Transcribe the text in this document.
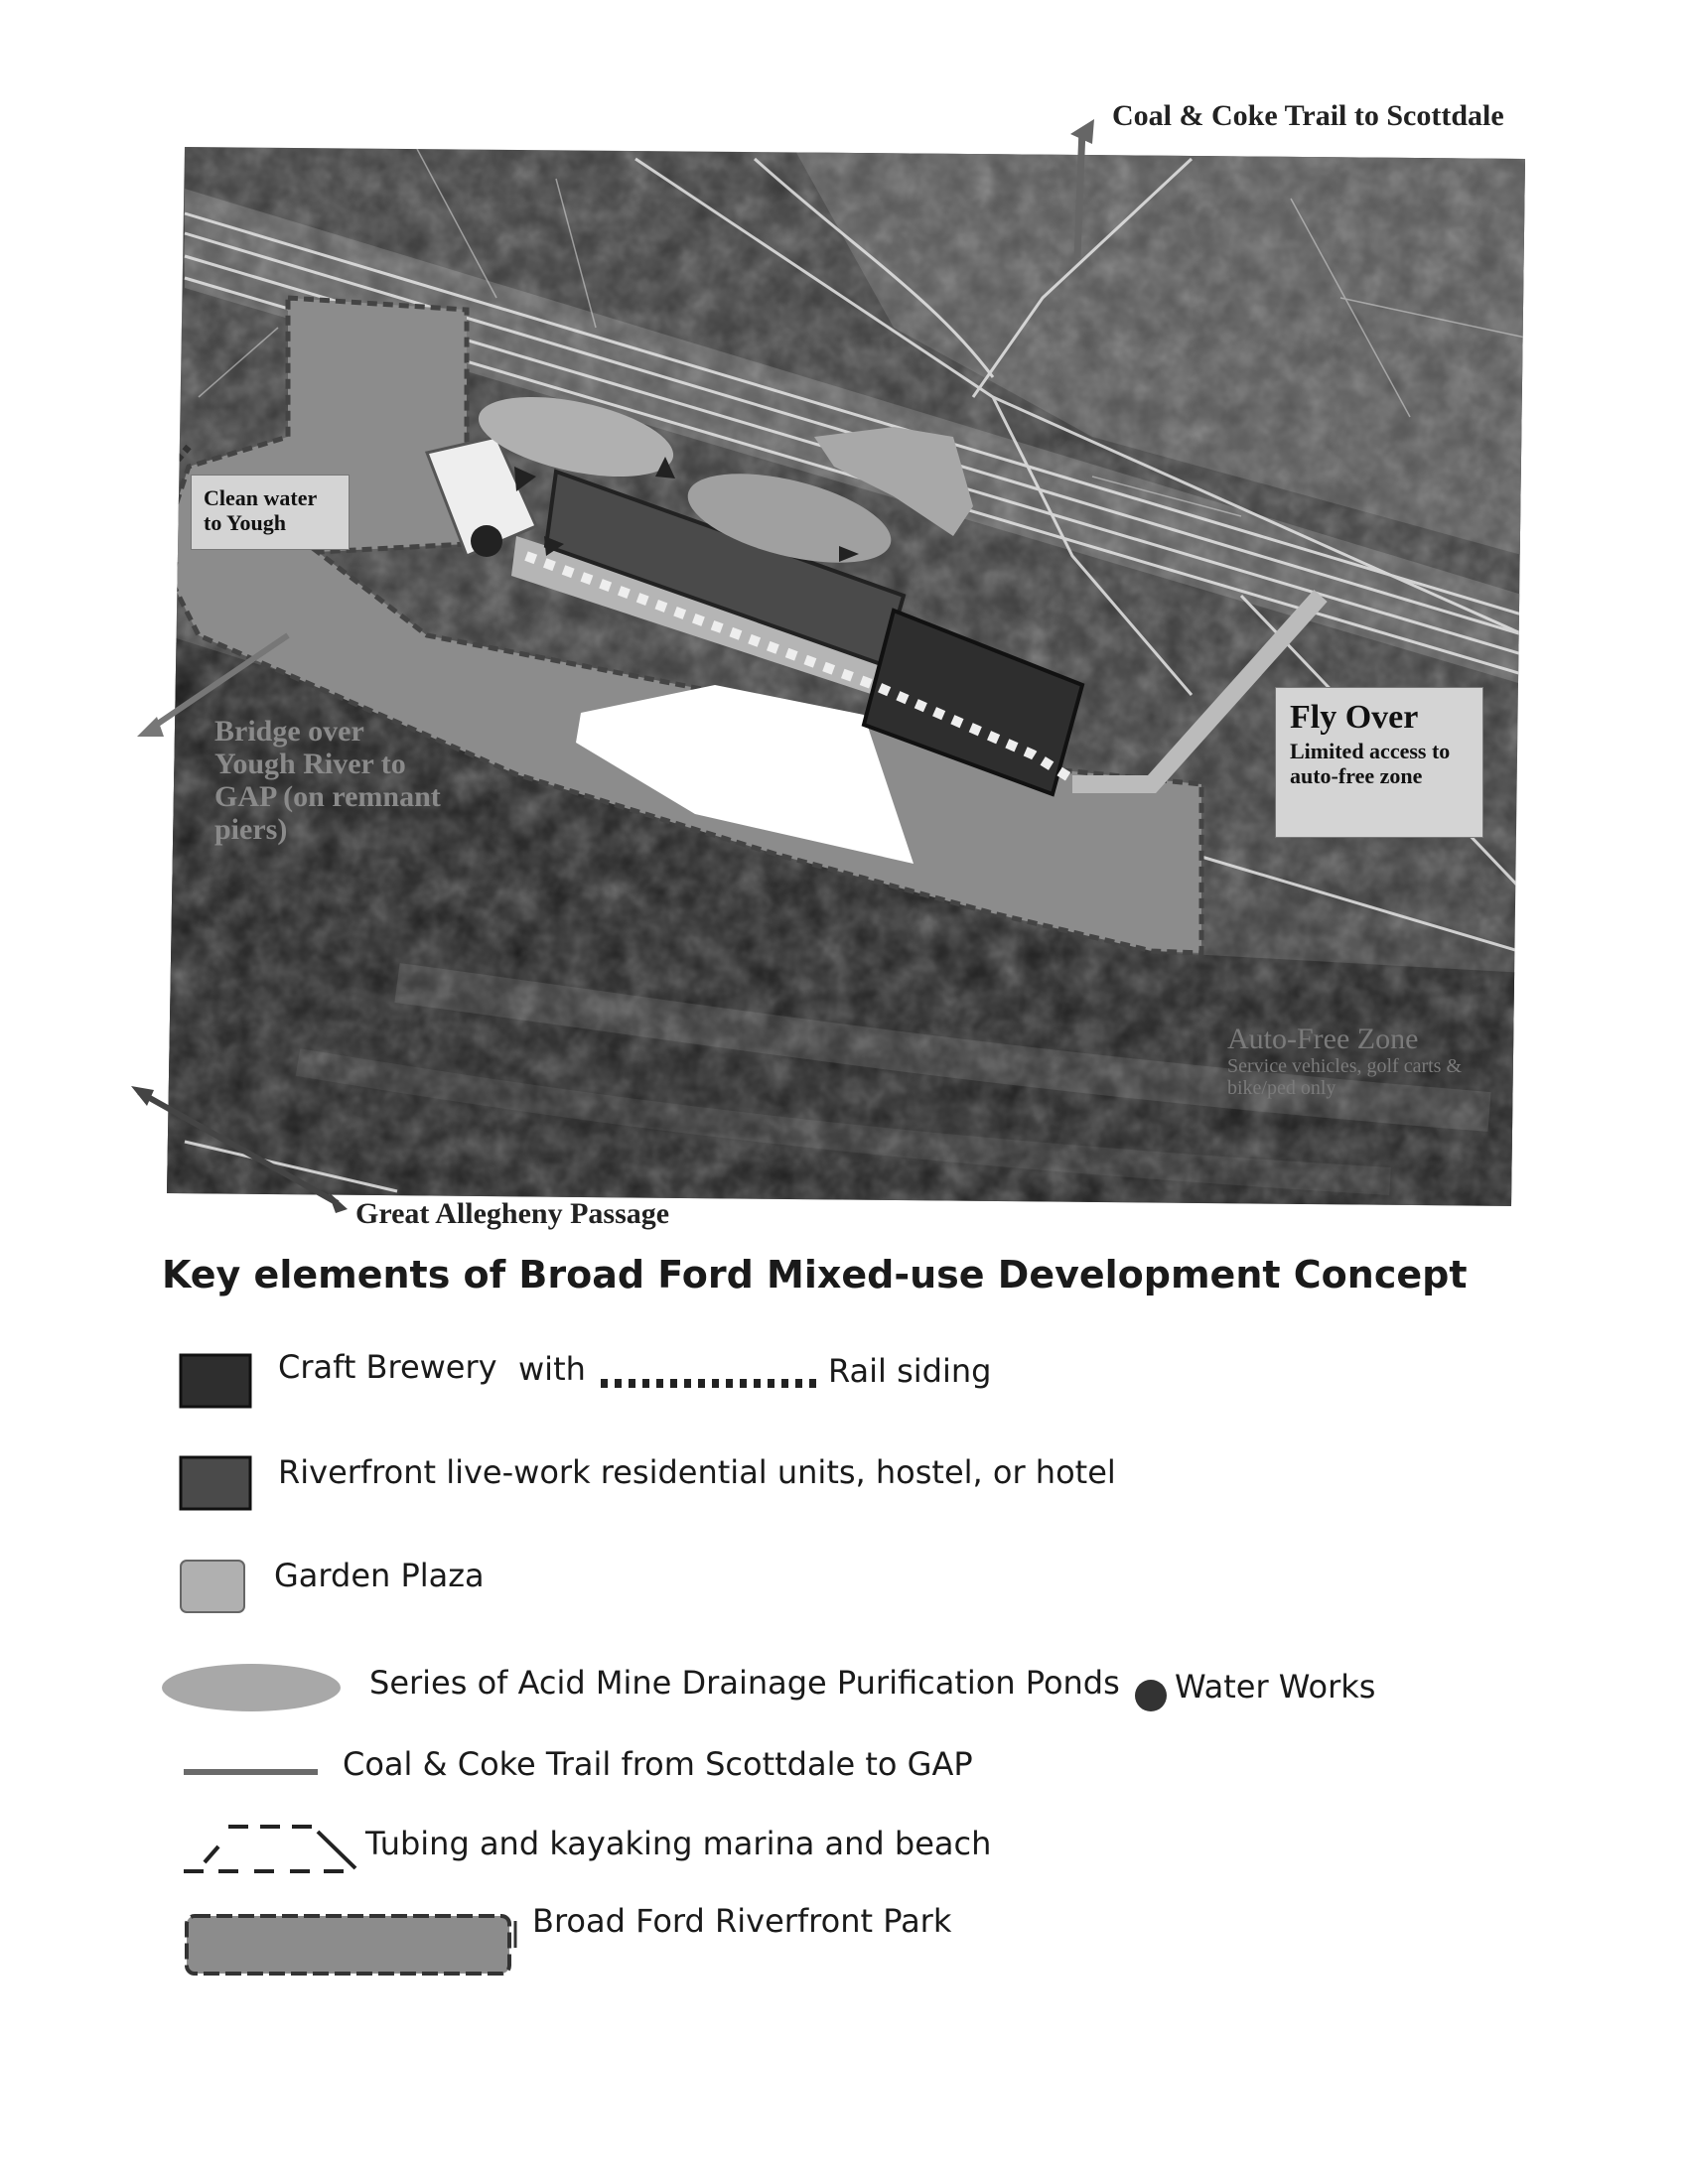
Coal & Coke Trail to Scottdale
Great Allegheny Passage
Clean water to Yough
Bridge over Yough River to GAP (on remnant piers)
Fly Over
Limited access to auto-free zone
Auto-Free Zone
Service vehicles, golf carts & bike/ped only
Key elements of Broad Ford Mixed-use Development Concept
Craft Brewery with	Rail siding
Riverfront live-work residential units, hostel, or hotel
Garden Plaza
Series of Acid Mine Drainage Purification Ponds Water Works
Coal & Coke Trail from Scottdale to GAP
Tubing and kayaking marina and beach
Broad Ford Riverfront Park
